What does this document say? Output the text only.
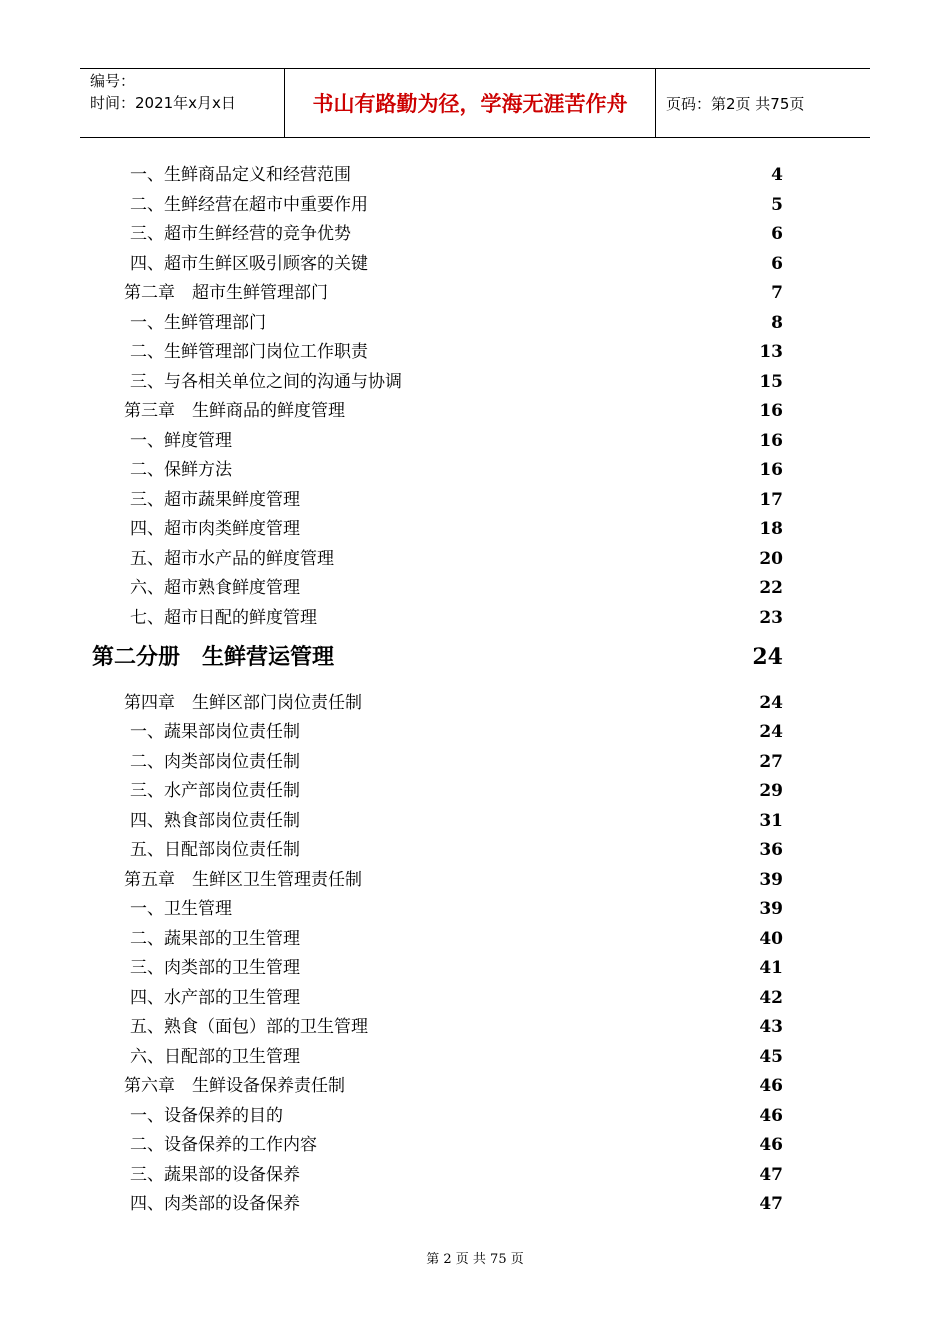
编号：
时间：2021年x月x日	书山有路勤为径，学海无涯苦作舟	页码：第2页 共75页
一、生鲜商品定义和经营范围	4
二、生鲜经营在超市中重要作用	5
三、超市生鲜经营的竞争优势	6
四、超市生鲜区吸引顾客的关键	6
第二章　超市生鲜管理部门	7
一、生鲜管理部门	8
二、生鲜管理部门岗位工作职责	13
三、与各相关单位之间的沟通与协调	15
第三章　生鲜商品的鲜度管理	16
一、鲜度管理	16
二、保鲜方法	16
三、超市蔬果鲜度管理	17
四、超市肉类鲜度管理	18
五、超市水产品的鲜度管理	20
六、超市熟食鲜度管理	22
七、超市日配的鲜度管理	23
第二分册　生鲜营运管理	24
第四章　生鲜区部门岗位责任制	24
一、蔬果部岗位责任制	24
二、肉类部岗位责任制	27
三、水产部岗位责任制	29
四、熟食部岗位责任制	31
五、日配部岗位责任制	36
第五章　生鲜区卫生管理责任制	39
一、卫生管理	39
二、蔬果部的卫生管理	40
三、肉类部的卫生管理	41
四、水产部的卫生管理	42
五、熟食（面包）部的卫生管理	43
六、日配部的卫生管理	45
第六章　生鲜设备保养责任制	46
一、设备保养的目的	46
二、设备保养的工作内容	46
三、蔬果部的设备保养	47
四、肉类部的设备保养	47
第 2 页 共 75 页
